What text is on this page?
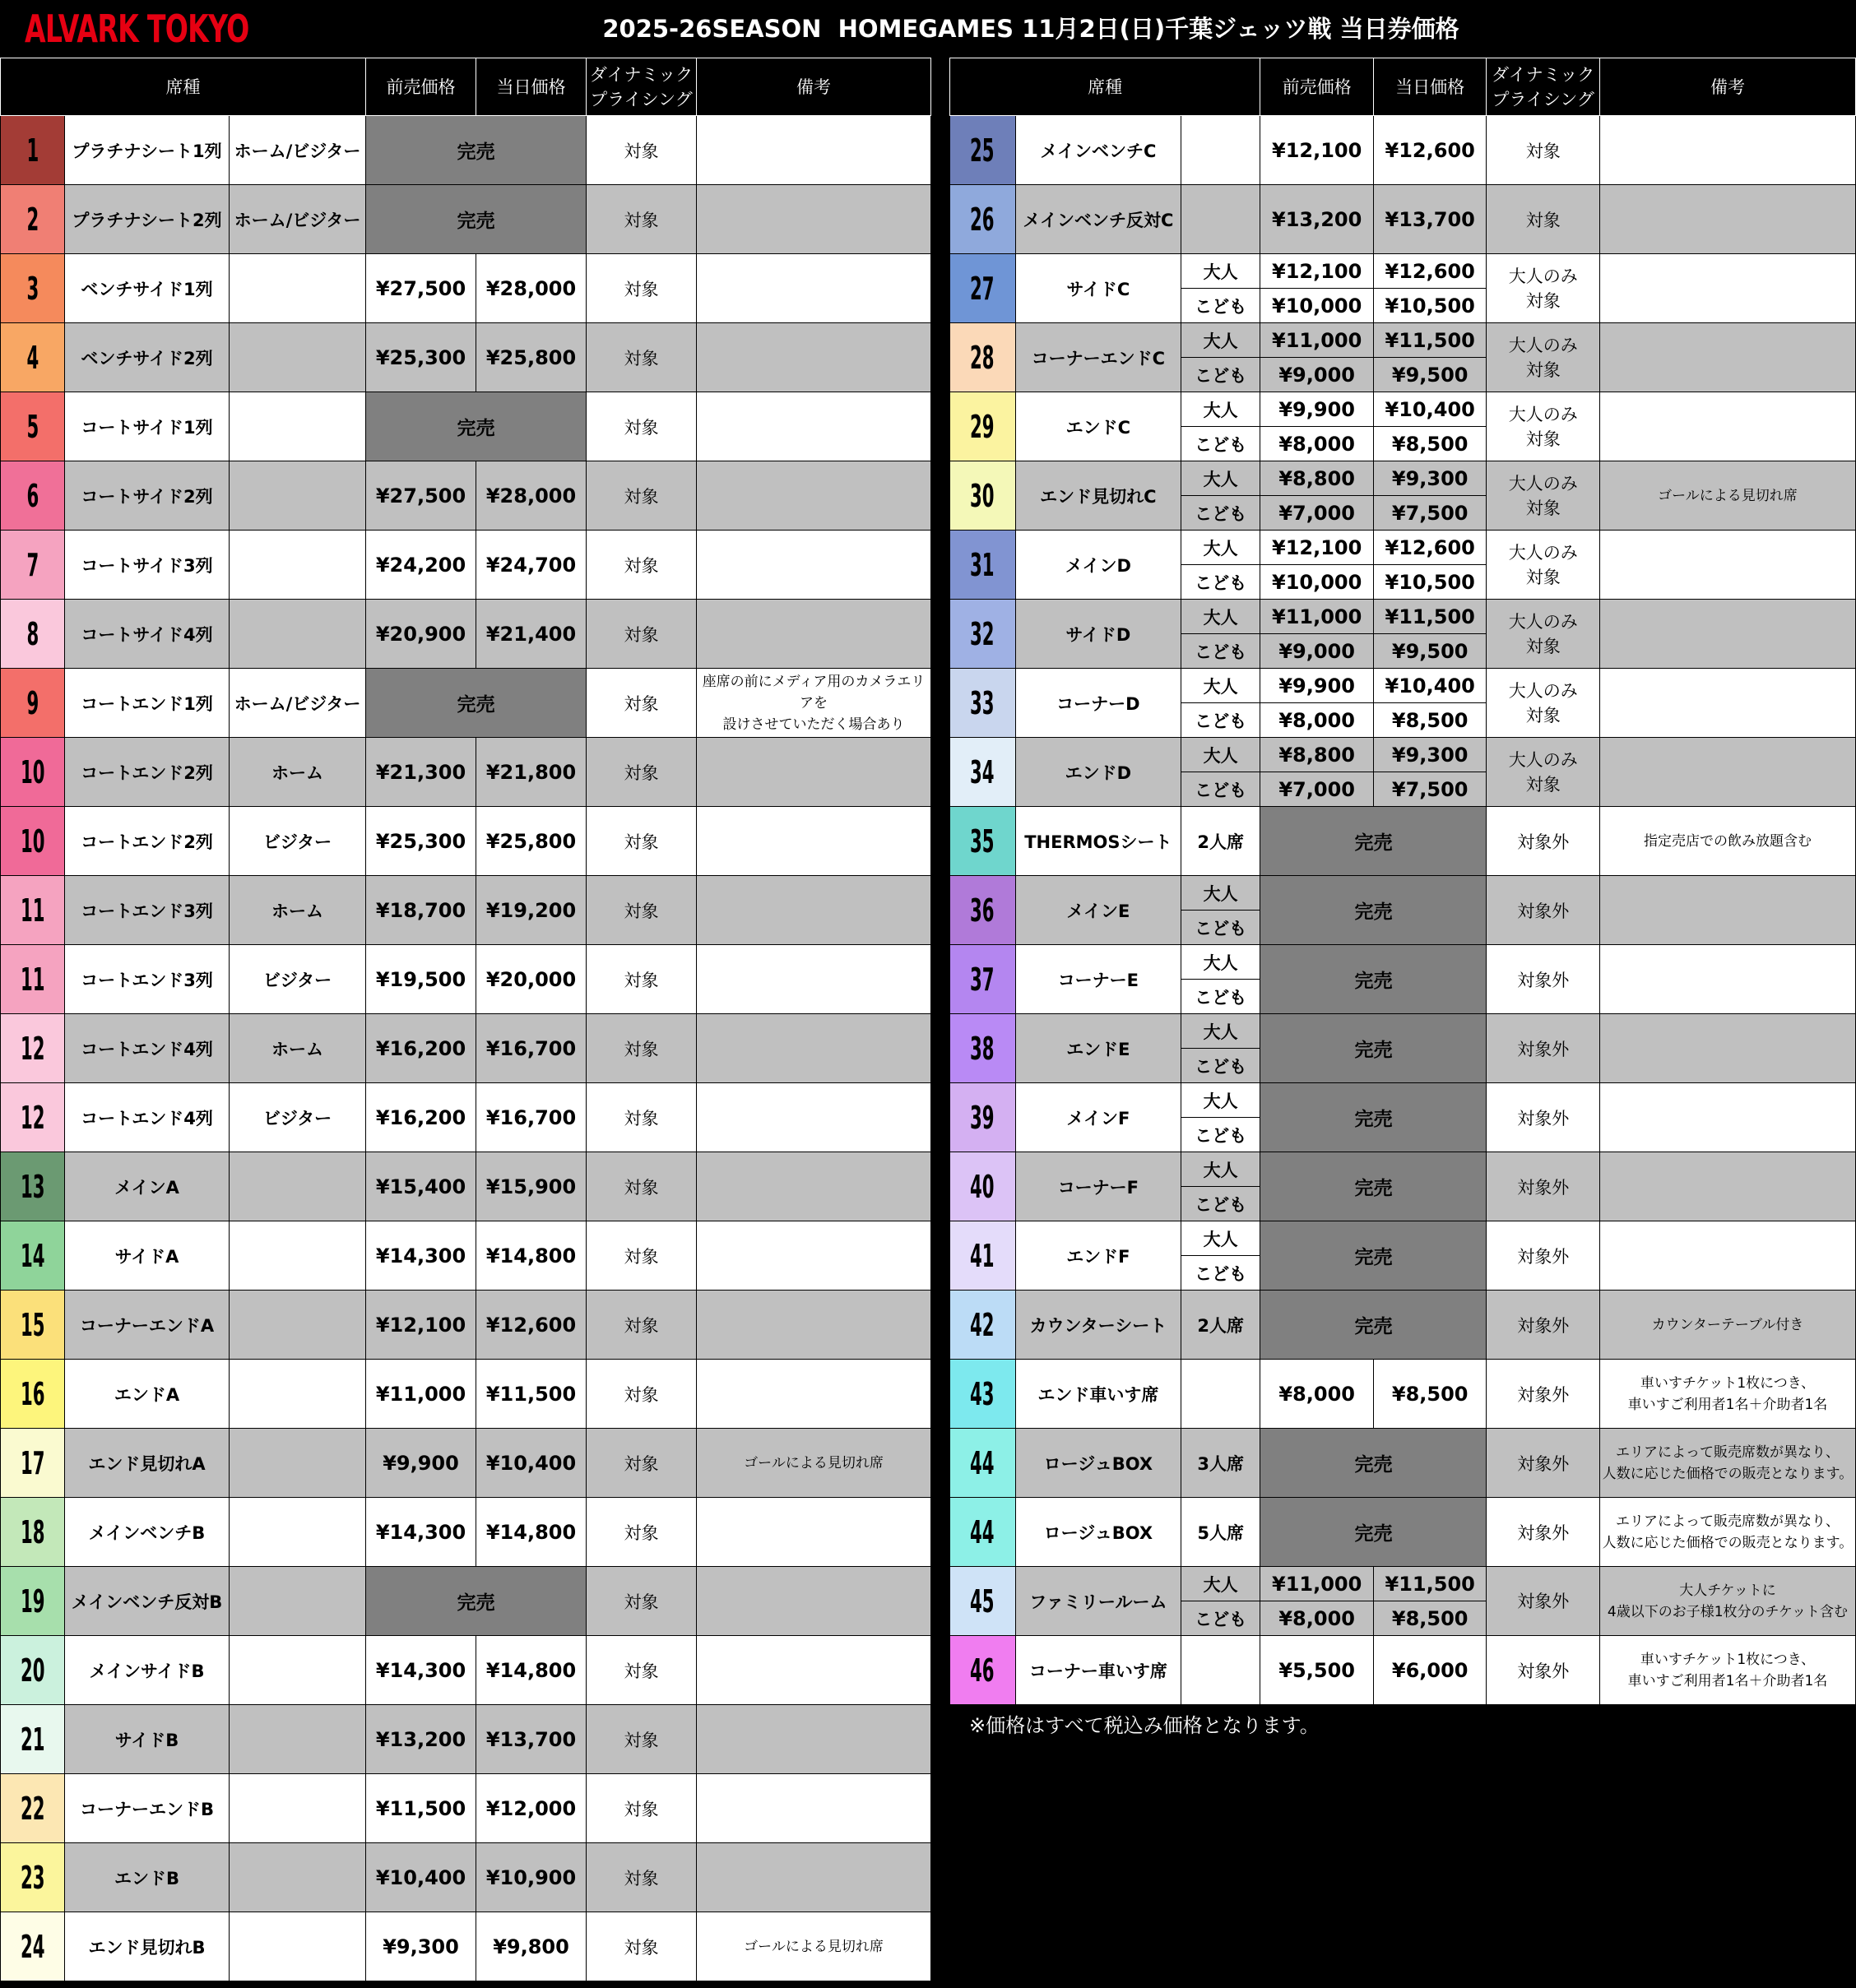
ALVARK TOKYO	2025-26SEASON  HOMEGAMES 11月2日(日)千葉ジェッツ戦 当日券価格
席種			前売価格	当日価格	ダイナミック
プライシング	備考
1	プラチナシート1列	ホーム/ビジター	完売		対象	
2	プラチナシート2列	ホーム/ビジター	完売		対象	
3	ベンチサイド1列		¥27,500	¥28,000	対象	
4	ベンチサイド2列		¥25,300	¥25,800	対象	
5	コートサイド1列		完売		対象	
6	コートサイド2列		¥27,500	¥28,000	対象	
7	コートサイド3列		¥24,200	¥24,700	対象	
8	コートサイド4列		¥20,900	¥21,400	対象	
9	コートエンド1列	ホーム/ビジター	完売		対象	座席の前にメディア用のカメラエリアを
設けさせていただく場合あり
10	コートエンド2列	ホーム	¥21,300	¥21,800	対象	
10	コートエンド2列	ビジター	¥25,300	¥25,800	対象	
11	コートエンド3列	ホーム	¥18,700	¥19,200	対象	
11	コートエンド3列	ビジター	¥19,500	¥20,000	対象	
12	コートエンド4列	ホーム	¥16,200	¥16,700	対象	
12	コートエンド4列	ビジター	¥16,200	¥16,700	対象	
13	メインA		¥15,400	¥15,900	対象	
14	サイドA		¥14,300	¥14,800	対象	
15	コーナーエンドA		¥12,100	¥12,600	対象	
16	エンドA		¥11,000	¥11,500	対象	
17	エンド見切れA		¥9,900	¥10,400	対象	ゴールによる見切れ席
18	メインベンチB		¥14,300	¥14,800	対象	
19	メインベンチ反対B		完売		対象	
20	メインサイドB		¥14,300	¥14,800	対象	
21	サイドB		¥13,200	¥13,700	対象	
22	コーナーエンドB		¥11,500	¥12,000	対象	
23	エンドB		¥10,400	¥10,900	対象	
24	エンド見切れB		¥9,300	¥9,800	対象	ゴールによる見切れ席
	席種			前売価格	当日価格	ダイナミック
プライシング	備考
	25	メインベンチC		¥12,100	¥12,600	対象	
	26	メインベンチ反対C		¥13,200	¥13,700	対象	
	27	サイドC	大人	¥12,100	¥12,600	大人のみ
対象	
			こども	¥10,000	¥10,500		
	28	コーナーエンドC	大人	¥11,000	¥11,500	大人のみ
対象	
			こども	¥9,000	¥9,500		
	29	エンドC	大人	¥9,900	¥10,400	大人のみ
対象	
			こども	¥8,000	¥8,500		
	30	エンド見切れC	大人	¥8,800	¥9,300	大人のみ
対象	ゴールによる見切れ席
			こども	¥7,000	¥7,500		
	31	メインD	大人	¥12,100	¥12,600	大人のみ
対象	
			こども	¥10,000	¥10,500		
	32	サイドD	大人	¥11,000	¥11,500	大人のみ
対象	
			こども	¥9,000	¥9,500		
	33	コーナーD	大人	¥9,900	¥10,400	大人のみ
対象	
			こども	¥8,000	¥8,500		
	34	エンドD	大人	¥8,800	¥9,300	大人のみ
対象	
			こども	¥7,000	¥7,500		
	35	THERMOSシート	2人席	完売		対象外	指定売店での飲み放題含む
	36	メインE	大人	完売		対象外	
			こども				
	37	コーナーE	大人	完売		対象外	
			こども				
	38	エンドE	大人	完売		対象外	
			こども				
	39	メインF	大人	完売		対象外	
			こども				
	40	コーナーF	大人	完売		対象外	
			こども				
	41	エンドF	大人	完売		対象外	
			こども				
	42	カウンターシート	2人席	完売		対象外	カウンターテーブル付き
	43	エンド車いす席		¥8,000	¥8,500	対象外	車いすチケット1枚につき、
車いすご利用者1名＋介助者1名
	44	ロージュBOX	3人席	完売		対象外	エリアによって販売席数が異なり、
人数に応じた価格での販売となります。
	44	ロージュBOX	5人席	完売		対象外	エリアによって販売席数が異なり、
人数に応じた価格での販売となります。
	45	ファミリールーム	大人	¥11,000	¥11,500	対象外	大人チケットに
4歳以下のお子様1枚分のチケット含む
			こども	¥8,000	¥8,500		
	46	コーナー車いす席		¥5,500	¥6,000	対象外	車いすチケット1枚につき、
車いすご利用者1名＋介助者1名
※価格はすべて税込み価格となります。
